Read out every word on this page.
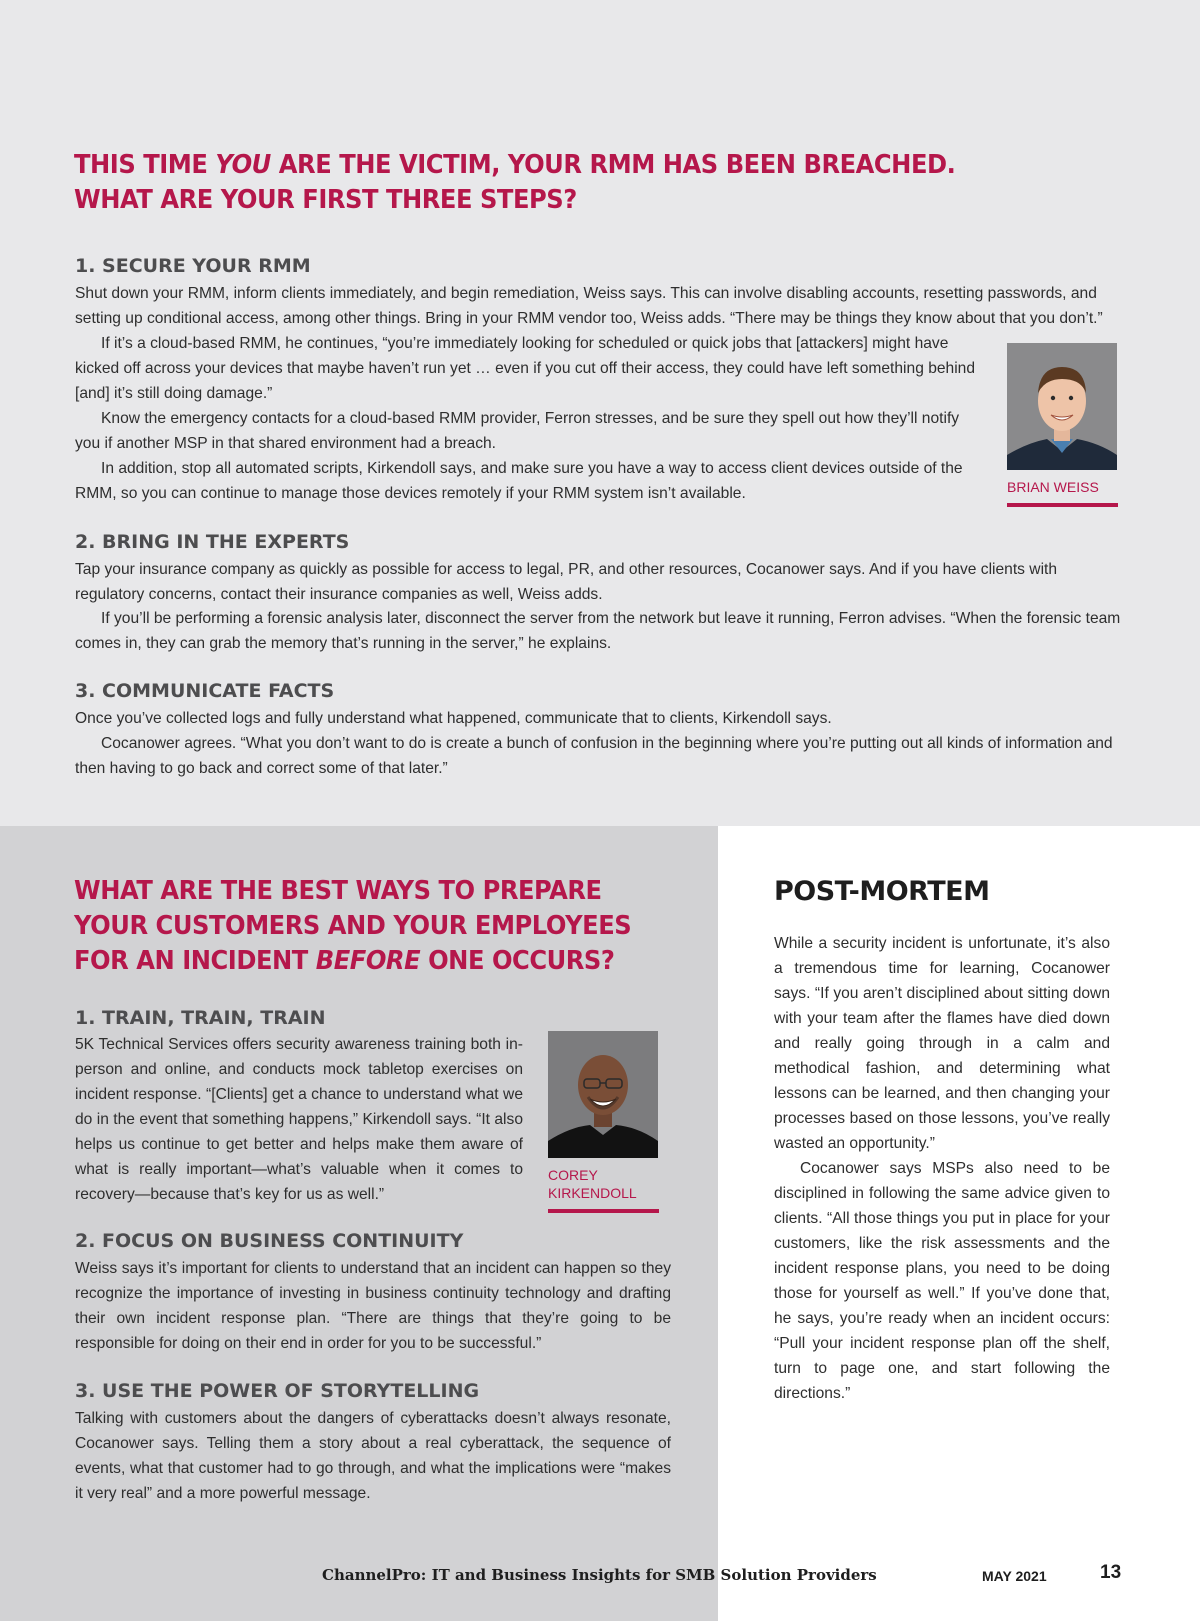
THIS TIME YOU ARE THE VICTIM, YOUR RMM HAS BEEN BREACHED.
WHAT ARE YOUR FIRST THREE STEPS?
1. SECURE YOUR RMM

Shut down your RMM, inform clients immediately, and begin remediation, Weiss says. This can involve disabling accounts, resetting passwords, and setting up conditional access, among other things. Bring in your RMM vendor too, Weiss adds. “There may be things they know about that you don’t.”

If it’s a cloud-based RMM, he continues, “you’re immediately looking for scheduled or quick jobs that [attackers] might have kicked off across your devices that maybe haven’t run yet … even if you cut off their access, they could have left something behind [and] it’s still doing damage.”

Know the emergency contacts for a cloud-based RMM provider, Ferron stresses, and be sure they spell out how they’ll notify you if another MSP in that shared environment had a breach.

In addition, stop all automated scripts, Kirkendoll says, and make sure you have a way to access client devices outside of the RMM, so you can continue to manage those devices remotely if your RMM system isn’t available.	BRIAN WEISS

2. BRING IN THE EXPERTS

Tap your insurance company as quickly as possible for access to legal, PR, and other resources, Cocanower says. And if you have clients with regulatory concerns, contact their insurance companies as well, Weiss adds.

If you’ll be performing a forensic analysis later, disconnect the server from the network but leave it running, Ferron advises. “When the forensic team comes in, they can grab the memory that’s running in the server,” he explains.

3. COMMUNICATE FACTS

Once you’ve collected logs and fully understand what happened, communicate that to clients, Kirkendoll says.

Cocanower agrees. “What you don’t want to do is create a bunch of confusion in the beginning where you’re putting out all kinds of information and then having to go back and correct some of that later.”

WHAT ARE THE BEST WAYS TO PREPARE
YOUR CUSTOMERS AND YOUR EMPLOYEES
FOR AN INCIDENT BEFORE ONE OCCURS?
1. TRAIN, TRAIN, TRAIN

5K Technical Services offers security awareness training both in-person and online, and conducts mock tabletop exercises on incident response. “[Clients] get a chance to understand what we do in the event that something happens,” Kirkendoll says. “It also helps us continue to get better and helps make them aware of what is really important—what’s valuable when it comes to recovery—because that’s key for us as well.”

COREY
KIRKENDOLL

2. FOCUS ON BUSINESS CONTINUITY

Weiss says it’s important for clients to understand that an incident can happen so they recognize the importance of investing in business continuity technology and drafting their own incident response plan. “There are things that they’re going to be responsible for doing on their end in order for you to be successful.”

3. USE THE POWER OF STORYTELLING

Talking with customers about the dangers of cyberattacks doesn’t always resonate, Cocanower says. Telling them a story about a real cyberattack, the sequence of events, what that customer had to go through, and what the implications were “makes it very real” and a more powerful message.

POST-MORTEM

While a security incident is unfortunate, it’s also a tremendous time for learning, Cocanower says. “If you aren’t disciplined about sitting down with your team after the flames have died down and really going through in a calm and methodical fashion, and determining what lessons can be learned, and then changing your processes based on those lessons, you’ve really wasted an opportunity.”

Cocanower says MSPs also need to be disciplined in following the same advice given to clients. “All those things you put in place for your customers, like the risk assessments and the incident response plans, you need to be doing those for yourself as well.” If you’ve done that, he says, you’re ready when an incident occurs: “Pull your incident response plan off the shelf, turn to page one, and start following the directions.”

ChannelPro: IT and Business Insights for SMB Solution Providers	MAY 2021	13
